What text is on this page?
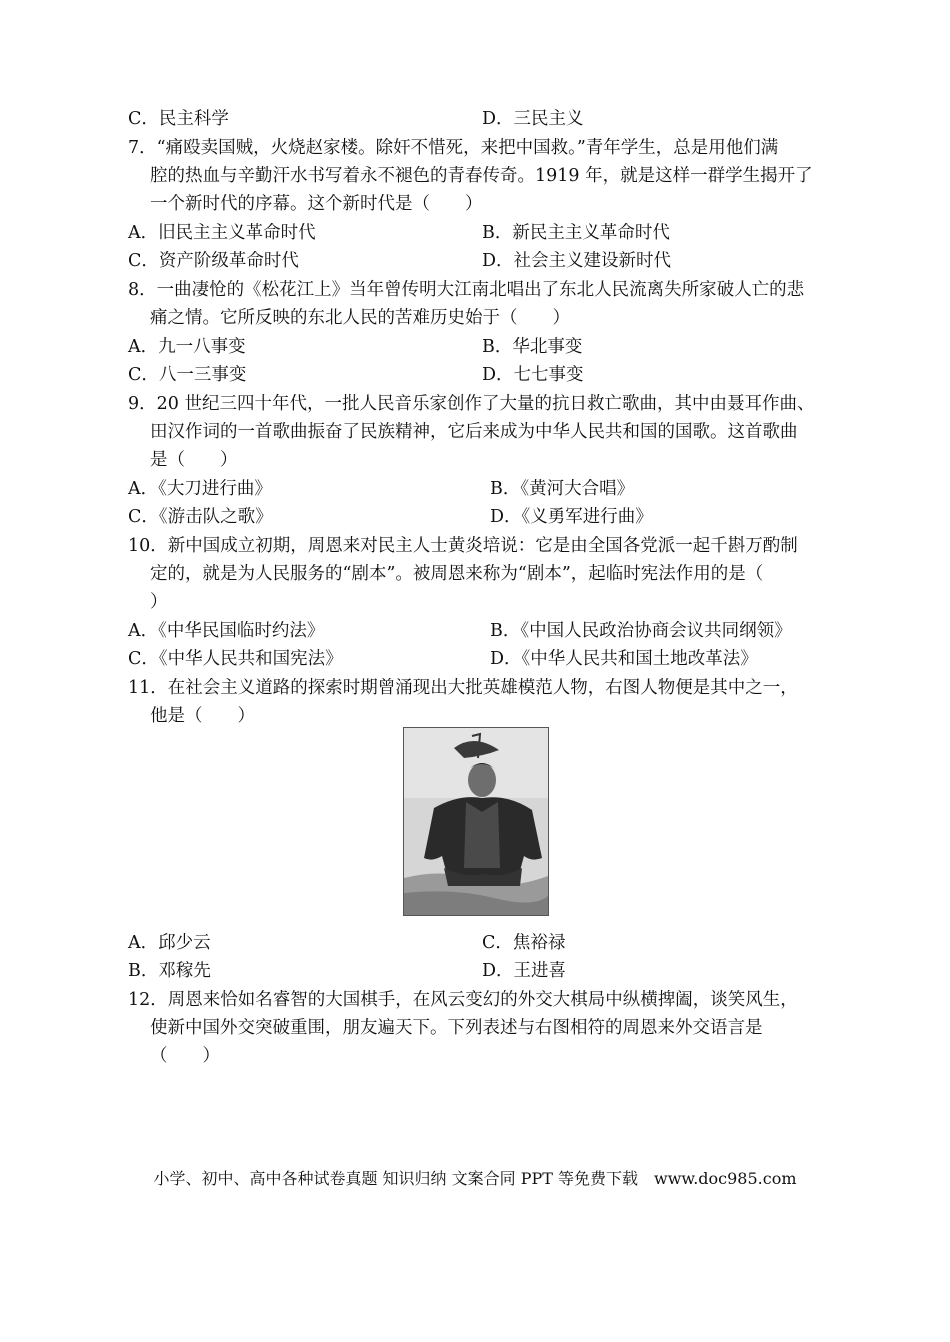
C．民主科学	D．三民主义
7．“痛殴卖国贼，火烧赵家楼。除奸不惜死，来把中国救。”青年学生，总是用他们满
腔的热血与辛勤汗水书写着永不褪色的青春传奇。1919 年，就是这样一群学生揭开了
一个新时代的序幕。这个新时代是（　　）
A．旧民主主义革命时代	B．新民主主义革命时代
C．资产阶级革命时代	D．社会主义建设新时代
8．一曲凄怆的《松花江上》当年曾传明大江南北唱出了东北人民流离失所家破人亡的悲
痛之情。它所反映的东北人民的苦难历史始于（　　）
A．九一八事变	B．华北事变
C．八一三事变	D．七七事变
9．20 世纪三四十年代，一批人民音乐家创作了大量的抗日救亡歌曲，其中由聂耳作曲、
田汉作词的一首歌曲振奋了民族精神，它后来成为中华人民共和国的国歌。这首歌曲
是（　　）
A．《大刀进行曲》	B．《黄河大合唱》
C．《游击队之歌》	D．《义勇军进行曲》
10．新中国成立初期，周恩来对民主人士黄炎培说：它是由全国各党派一起千斟万酌制
定的，就是为人民服务的“剧本”。被周恩来称为“剧本”，起临时宪法作用的是（
）
A．《中华民国临时约法》	B．《中国人民政治协商会议共同纲领》
C．《中华人民共和国宪法》	D．《中华人民共和国土地改革法》
11．在社会主义道路的探索时期曾涌现出大批英雄模范人物，右图人物便是其中之一，
他是（　　）
A．邱少云	C．焦裕禄
B．邓稼先	D．王进喜
12．周恩来恰如名睿智的大国棋手，在风云变幻的外交大棋局中纵横捭阖，谈笑风生，
使新中国外交突破重围，朋友遍天下。下列表述与右图相符的周恩来外交语言是
（　　）
小学、初中、高中各种试卷真题 知识归纳 文案合同 PPT 等免费下载　www.doc985.com
